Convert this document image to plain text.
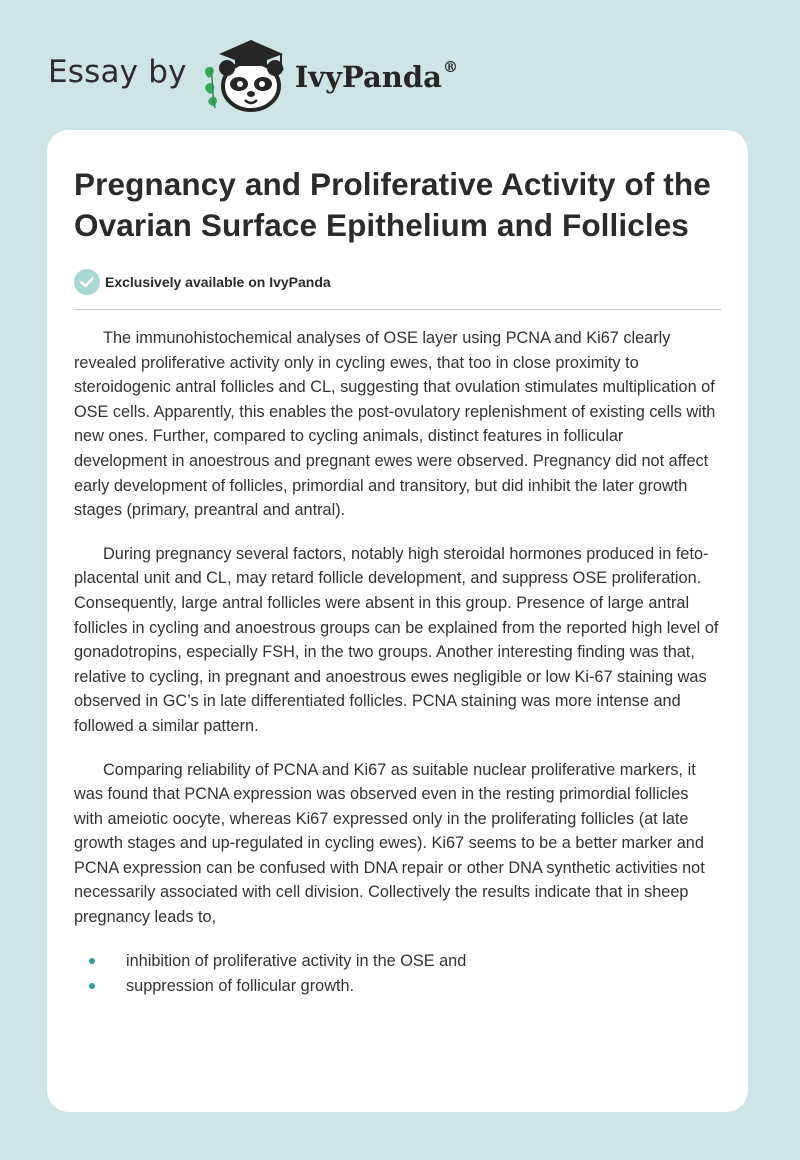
Essay by	IvyPanda®
Pregnancy and Proliferative Activity of the Ovarian Surface Epithelium and Follicles
Exclusively available on IvyPanda

The immunohistochemical analyses of OSE layer using PCNA and Ki67 clearly revealed proliferative activity only in cycling ewes, that too in close proximity to steroidogenic antral follicles and CL, suggesting that ovulation stimulates multiplication of OSE cells. Apparently, this enables the post-ovulatory replenishment of existing cells with new ones. Further, compared to cycling animals, distinct features in follicular development in anoestrous and pregnant ewes were observed. Pregnancy did not affect early development of follicles, primordial and transitory, but did inhibit the later growth stages (primary, preantral and antral).

During pregnancy several factors, notably high steroidal hormones produced in feto-placental unit and CL, may retard follicle development, and suppress OSE proliferation. Consequently, large antral follicles were absent in this group. Presence of large antral follicles in cycling and anoestrous groups can be explained from the reported high level of gonadotropins, especially FSH, in the two groups. Another interesting finding was that, relative to cycling, in pregnant and anoestrous ewes negligible or low Ki-67 staining was observed in GC’s in late differentiated follicles. PCNA staining was more intense and followed a similar pattern.

Comparing reliability of PCNA and Ki67 as suitable nuclear proliferative markers, it was found that PCNA expression was observed even in the resting primordial follicles with ameiotic oocyte, whereas Ki67 expressed only in the proliferating follicles (at late growth stages and up-regulated in cycling ewes). Ki67 seems to be a better marker and PCNA expression can be confused with DNA repair or other DNA synthetic activities not necessarily associated with cell division. Collectively the results indicate that in sheep pregnancy leads to,

inhibition of proliferative activity in the OSE and
suppression of follicular growth.
